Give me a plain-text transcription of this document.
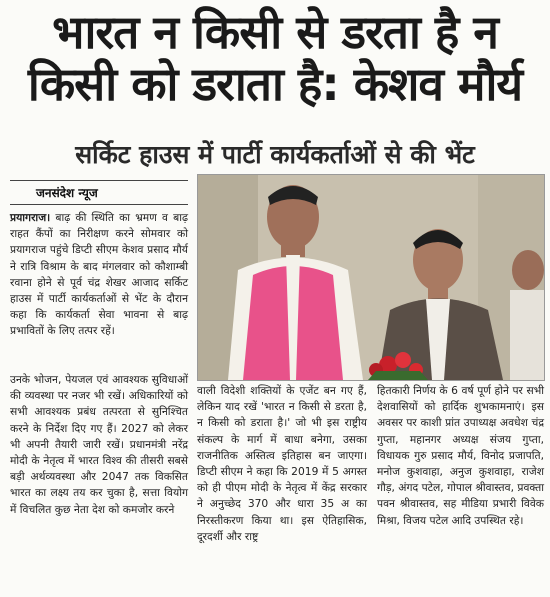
भारत न किसी से डरता है न
किसी को डराता है: केशव मौर्य
सर्किट हाउस में पार्टी कार्यकर्ताओं से की भेंट
जनसंदेश न्यूज

प्रयागराज। बाढ़ की स्थिति का भ्रमण व बाढ़ राहत कैंपों का निरीक्षण करने सोमवार को प्रयागराज पहुंचे डिप्टी सीएम केशव प्रसाद मौर्य ने रात्रि विश्राम के बाद मंगलवार को कौशाम्बी रवाना होने से पूर्व चंद्र शेखर आजाद सर्किट हाउस में पार्टी कार्यकर्ताओं से भेंट के दौरान कहा कि कार्यकर्ता सेवा भावना से बाढ़ प्रभावितों के लिए तत्पर रहें।

उनके भोजन, पेयजल एवं आवश्यक सुविधाओं की व्यवस्था पर नजर भी रखें। अधिकारियों को सभी आवश्यक प्रबंध तत्परता से सुनिश्चित करने के निर्देश दिए गए हैं। 2027 को लेकर भी अपनी तैयारी जारी रखें। प्रधानमंत्री नरेंद्र मोदी के नेतृत्व में भारत विश्व की तीसरी सबसे बड़ी अर्थव्यवस्था और 2047 तक विकसित भारत का लक्ष्य तय कर चुका है, सत्ता वियोग में विचलित कुछ नेता देश को कमजोर करने

वाली विदेशी शक्तियों के एजेंट बन गए हैं, लेकिन याद रखें 'भारत न किसी से डरता है, न किसी को डराता है।' जो भी इस राष्ट्रीय संकल्प के मार्ग में बाधा बनेगा, उसका राजनीतिक अस्तित्व इतिहास बन जाएगा। डिप्टी सीएम ने कहा कि 2019 में 5 अगस्त को ही पीएम मोदी के नेतृत्व में केंद्र सरकार ने अनुच्छेद 370 और धारा 35 अ का निरस्तीकरण किया था। इस ऐतिहासिक, दूरदर्शी और राष्ट्र

हितकारी निर्णय के 6 वर्ष पूर्ण होने पर सभी देशवासियों को हार्दिक शुभकामनाएं। इस अवसर पर काशी प्रांत उपाध्यक्ष अवधेश चंद्र गुप्ता, महानगर अध्यक्ष संजय गुप्ता, विधायक गुरु प्रसाद मौर्य, विनोद प्रजापति, मनोज कुशवाहा, अनुज कुशवाहा, राजेश गौड़, अंगद पटेल, गोपाल श्रीवास्तव, प्रवक्ता पवन श्रीवास्तव, सह मीडिया प्रभारी विवेक मिश्रा, विजय पटेल आदि उपस्थित रहे।
